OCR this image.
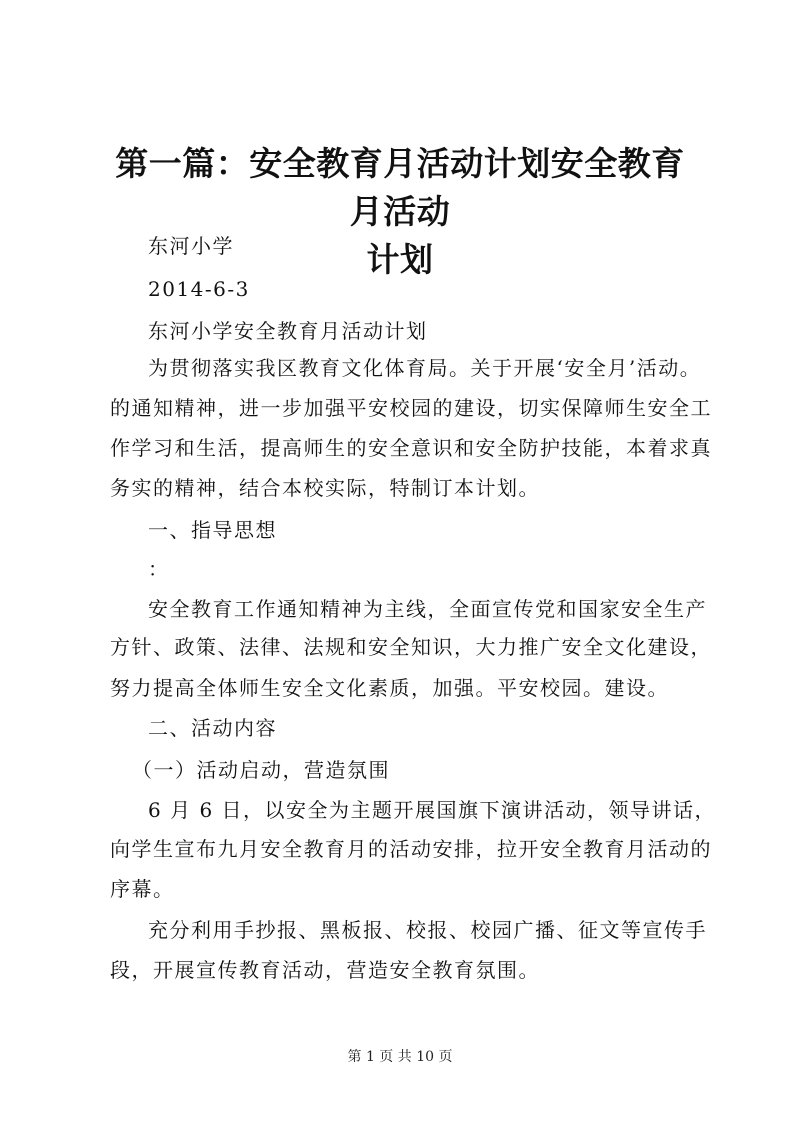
第一篇：安全教育月活动计划安全教育月活动
计划
东河小学
2014-6-3
东河小学安全教育月活动计划
为贯彻落实我区教育文化体育局。关于开展‘安全月’活动。
的通知精神，进一步加强平安校园的建设，切实保障师生安全工
作学习和生活，提高师生的安全意识和安全防护技能，本着求真
务实的精神，结合本校实际，特制订本计划。
一、指导思想
：
安全教育工作通知精神为主线，全面宣传党和国家安全生产
方针、政策、法律、法规和安全知识，大力推广安全文化建设，
努力提高全体师生安全文化素质，加强。平安校园。建设。
二、活动内容
（一）活动启动，营造氛围
6 月 6 日，以安全为主题开展国旗下演讲活动，领导讲话，
向学生宣布九月安全教育月的活动安排，拉开安全教育月活动的
序幕。
充分利用手抄报、黑板报、校报、校园广播、征文等宣传手
段，开展宣传教育活动，营造安全教育氛围。
第 1 页 共 10 页
